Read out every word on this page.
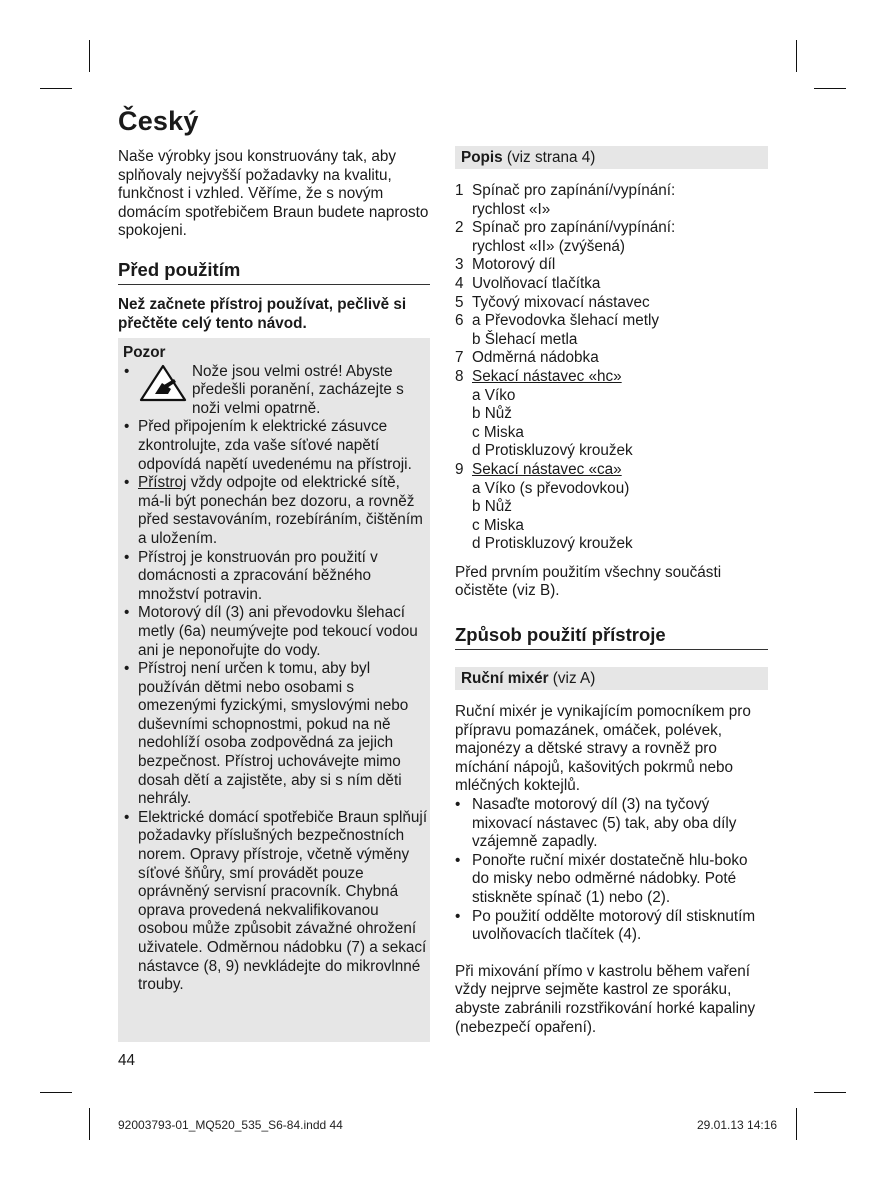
Český

Naše výrobky jsou konstruovány tak, aby splňovaly nejvyšší požadavky na kvalitu, funkčnost i vzhled. Věříme, že s novým domácím spotřebičem Braun budete naprosto spokojeni.

Před použitím

Než začnete přístroj používat, pečlivě si přečtěte celý tento návod.

Pozor
•	Nože jsou velmi ostré! Abyste předešli poranění, zacházejte s noži velmi opatrně.
• Před připojením k elektrické zásuvce zkontrolujte, zda vaše síťové napětí odpovídá napětí uvedenému na přístroji.
• Přístroj vždy odpojte od elektrické sítě, má-li být ponechán bez dozoru, a rovněž před sestavováním, rozebíráním, čištěním a uložením.
• Přístroj je konstruován pro použití v domácnosti a zpracování běžného množství potravin.
• Motorový díl (3) ani převodovku šlehací metly (6a) neumývejte pod tekoucí vodou ani je neponořujte do vody.
• Přístroj není určen k tomu, aby byl používán dětmi nebo osobami s omezenými fyzickými, smyslovými nebo duševními schopnostmi, pokud na ně nedohlíží osoba zodpovědná za jejich bezpečnost. Přístroj uchovávejte mimo dosah dětí a zajistěte, aby si s ním děti nehrály.
• Elektrické domácí spotřebiče Braun splňují požadavky příslušných bezpečnostních norem. Opravy přístroje, včetně výměny síťové šňůry, smí provádět pouze oprávněný servisní pracovník. Chybná oprava provedená nekvalifikovanou osobou může způsobit závažné ohrožení uživatele. Odměrnou nádobku (7) a sekací nástavce (8, 9) nevkládejte do mikrovlnné trouby.
44
Popis (viz strana 4)
1 Spínač pro zapínání/vypínání:
rychlost «I»
2 Spínač pro zapínání/vypínání:
rychlost «II» (zvýšená)
3 Motorový díl
4 Uvolňovací tlačítka
5 Tyčový mixovací nástavec
6 a Převodovka šlehací metly
b Šlehací metla
7 Odměrná nádobka
8 Sekací nástavec «hc»
a Víko
b Nůž
c Miska
d Protiskluzový kroužek
9 Sekací nástavec «ca»
a Víko (s převodovkou)
b Nůž
c Miska
d Protiskluzový kroužek

Před prvním použitím všechny součásti očistěte (viz B).

Způsob použití přístroje
Ruční mixér (viz A)

Ruční mixér je vynikajícím pomocníkem pro přípravu pomazánek, omáček, polévek, majonézy a dětské stravy a rovněž pro míchání nápojů, kašovitých pokrmů nebo mléčných koktejlů.

• Nasaďte motorový díl (3) na tyčový mixovací nástavec (5) tak, aby oba díly vzájemně zapadly.
• Ponořte ruční mixér dostatečně hlu-boko do misky nebo odměrné nádobky. Poté stiskněte spínač (1) nebo (2).
• Po použití oddělte motorový díl stisknutím uvolňovacích tlačítek (4).

Při mixování přímo v kastrolu během vaření vždy nejprve sejměte kastrol ze sporáku, abyste zabránili rozstřikování horké kapaliny (nebezpečí opaření).

92003793-01_MQ520_535_S6-84.indd 44	29.01.13 14:16
